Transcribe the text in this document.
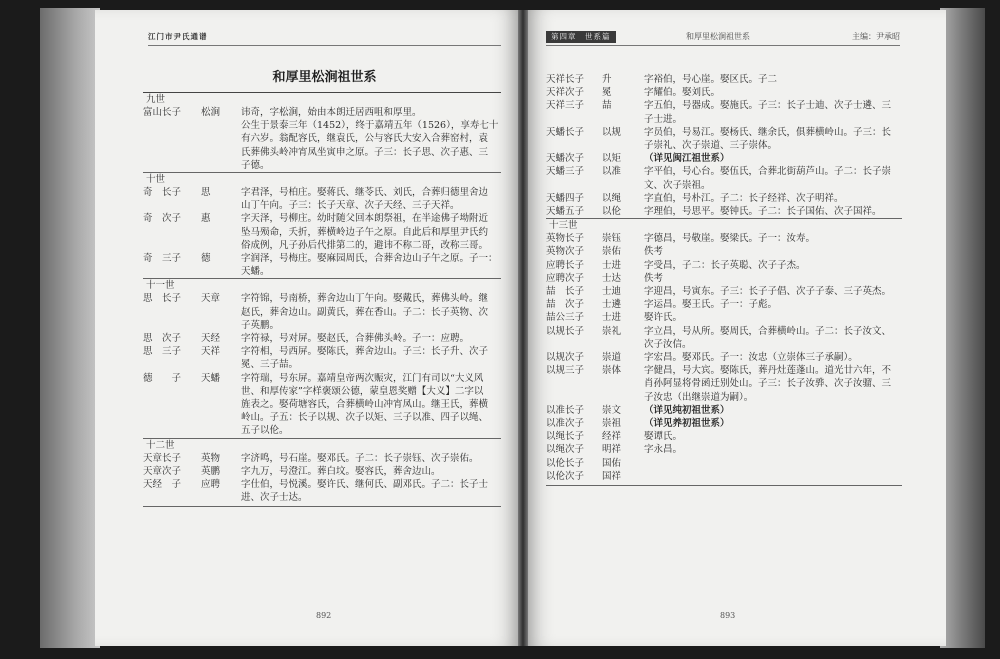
江门市尹氏通谱	第四章　世系篇	和厚里松涧祖世系	主编：尹承昭
和厚里松涧祖世系
九世
富山长子	松涧	讳奇，字松涧，始由本朗迁居西咀和厚里。
公生于景泰三年（1452），终于嘉靖五年（1526），享寿七十
有六岁。翁配容氏，继袁氏，公与容氏大安入合葬窑村，袁
氏葬佛头岭冲宵凤坐寅申之原。子三：长子思、次子惠、三
子德。
十世
奇　长子	思	字君泽，号柏庄。娶蒋氏、继苓氏、刘氏，合葬归德里舍边
山丁午向。子三：长子天章、次子天经、三子天祥。
奇　次子	惠	字天泽，号柳庄。幼时随父回本朗祭祖，在半途佛子坳附近
坠马殒命，夭折，葬横岭边子午之原。自此后和厚里尹氏约
俗成例，凡子孙后代排第二的，避讳不称二哥，改称三哥。
奇　三子	德	字润泽，号梅庄。娶麻园周氏，合葬舍边山子午之原。子一：
天蟠。
十一世
思　长子	天章	字符锦，号南桥，葬舍边山丁午向。娶戴氏，葬佛头岭。继
赵氏，葬舍边山。副黄氏，葬在香山。子二：长子英物、次
子英鹏。
思　次子	天经	字符禄，号对屏。娶赵氏，合葬佛头岭。子一：应聘。
思　三子	天祥	字符相，号西屏。娶陈氏，葬舍边山。子三：长子升、次子
冕、三子喆。
德　　子	天蟠	字符瑞，号东屏。嘉靖皇帝两次赈灾，江门有司以“大义风
世、和厚传家”字样褒颂公德，蒙皇恩奖赠【大义】二字以
旌表之。娶荷塘容氏，合葬横岭山冲宵凤山。继王氏，葬横
岭山。子五：长子以规、次子以矩、三子以准、四子以绳、
五子以伦。
十二世
天章长子	英物	字济鸣，号石崖。娶邓氏。子二：长子崇钰、次子崇佑。
天章次子	英鹏	字九万，号澄江。葬白坟。娶容氏，葬舍边山。
天经　子	应聘	字仕伯，号悦溪。娶许氏、继何氏、副邓氏。子二：长子士
进、次子士达。
天祥长子	升	字裕伯，号心崖。娶区氏。子二
天祥次子	冕	字耀伯。娶刘氏。
天祥三子	喆	字五伯，号器成。娶施氏。子三：长子士迪、次子士遴、三
子士进。
天蟠长子	以规	字员伯，号易江。娶杨氏、继余氏，俱葬横岭山。子三：长
子崇礼、次子崇道、三子崇体。
天蟠次子	以矩	（详见闽江祖世系）
天蟠三子	以准	字平伯，号心台。娶伍氏，合葬北街葫芦山。子二：长子崇
文、次子崇祖。
天蟠四子	以绳	字直伯，号朴江。子二：长子经祥、次子明祥。
天蟠五子	以伦	字理伯，号思平。娶钟氏。子二：长子国佑、次子国祥。
十三世
英物长子	崇钰	字德昌，号敬崖。娶梁氏。子一：汝寿。
英物次子	崇佑	佚考
应聘长子	士进	字受昌，子二：长子英聪、次子子杰。
应聘次子	士达	佚考
喆　长子	士迪	字迎昌，号寅东。子三：长子子倡、次子子泰、三子英杰。
喆　次子	士遴	字运昌。娶王氏。子一：子彪。
喆公三子	士进	娶许氏。
以规长子	崇礼	字立昌，号从所。娶周氏，合葬横岭山。子二：长子汝文、
次子汝信。
以规次子	崇道	字宏昌。娶邓氏。子一：汝忠（立崇体三子承嗣）。
以规三子	崇体	字健昌，号大宾。娶陈氏，葬丹灶莲蓬山。道光廿六年，不
肖孙阿显将骨函迁别处山。子三：长子汝骅、次子汝骝、三
子汝忠（出继崇道为嗣）。
以准长子	崇文	（详见纯初祖世系）
以准次子	崇祖	（详见养初祖世系）
以绳长子	经祥	娶谭氏。
以绳次子	明祥	字永昌。
以伦长子	国佑
以伦次子	国祥
892	893
